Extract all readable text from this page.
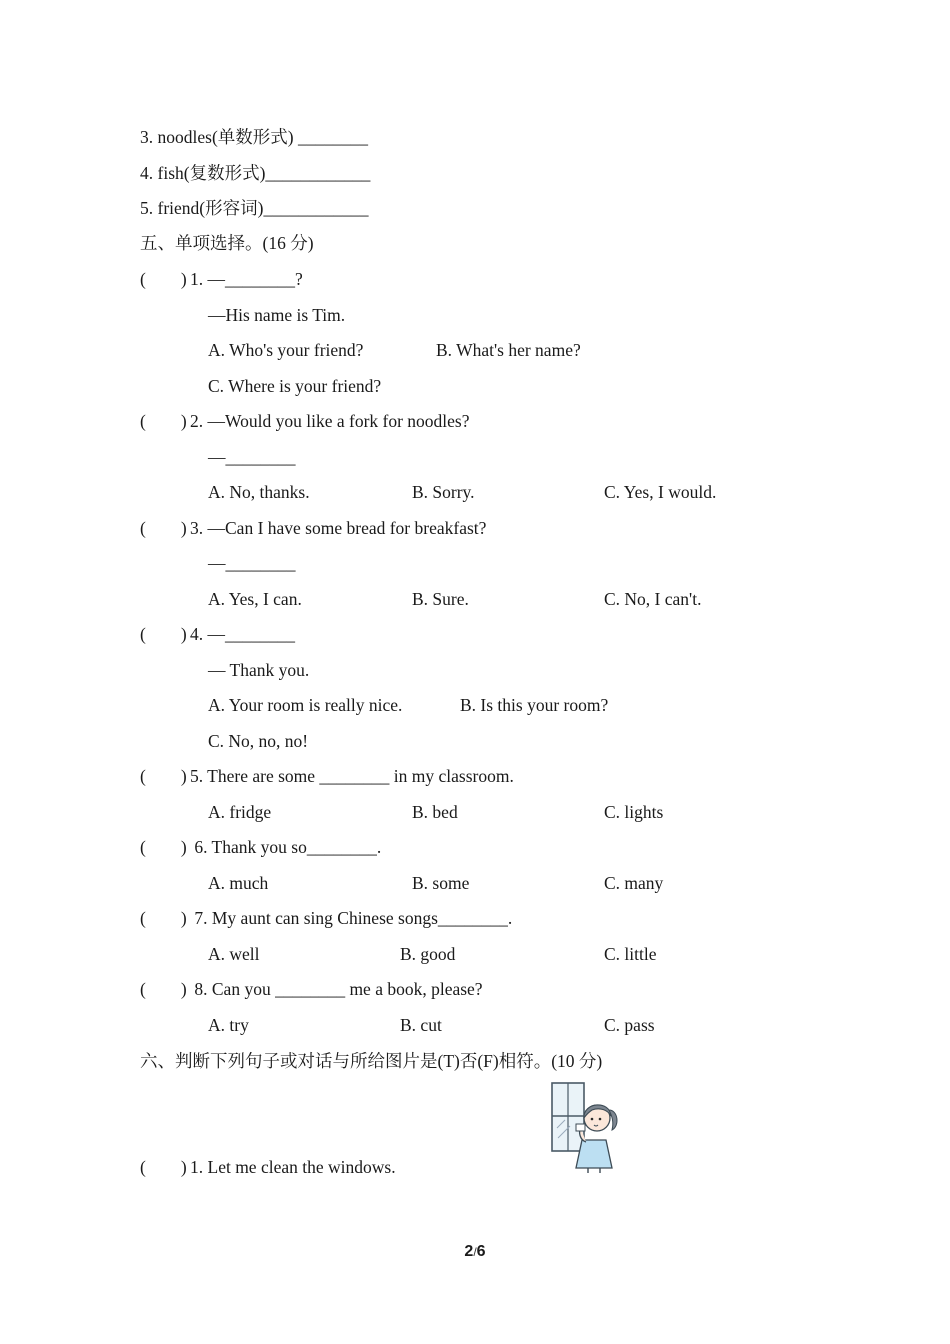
3. noodles(单数形式) ________
4. fish(复数形式)____________
5. friend(形容词)____________
五、单项选择。(16 分)
(        ) 1. —________?
—His name is Tim.
A. Who's your friend?	B. What's her name?
C. Where is your friend?
(        ) 2. —Would you like a fork for noodles?
—________
A. No, thanks.	B. Sorry.	C. Yes, I would.
(        ) 3. —Can I have some bread for breakfast?
—________
A. Yes, I can.	B. Sure.	C. No, I can't.
(        ) 4. —________
— Thank you.
A. Your room is really nice.	B. Is this your room?
C. No, no, no!
(        ) 5. There are some ________ in my classroom.
A. fridge	B. bed	C. lights
(        ) 6. Thank you so________.
A. much	B. some	C. many
(        ) 7. My aunt can sing Chinese songs________.
A. well	B. good	C. little
(        ) 8. Can you ________ me a book, please?
A. try	B. cut	C. pass
六、判断下列句子或对话与所给图片是(T)否(F)相符。(10 分)
(        ) 1. Let me clean the windows.
2/6
